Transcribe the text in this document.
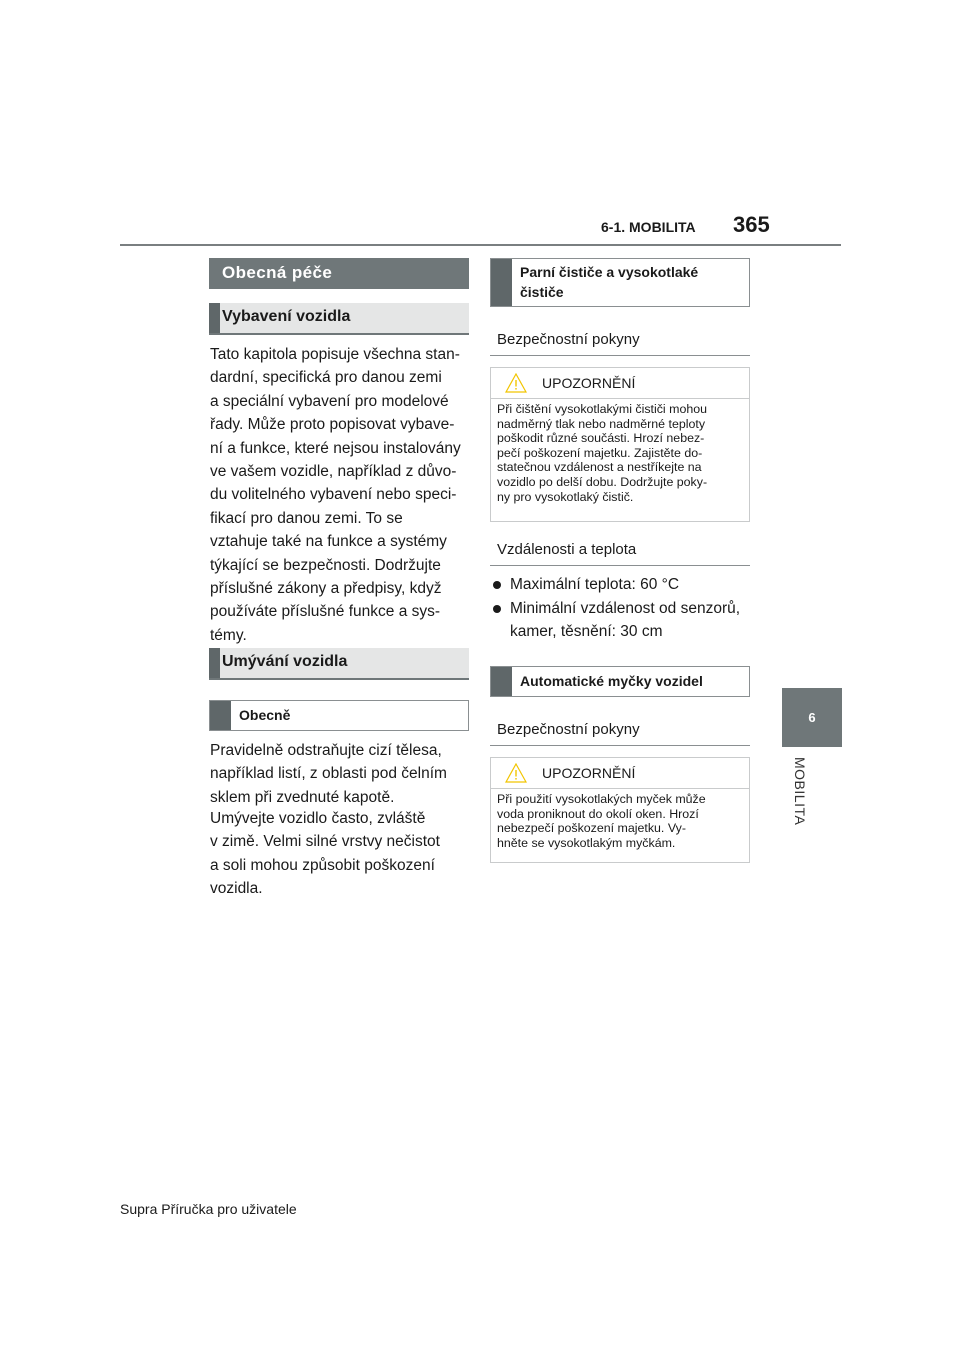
6-1. MOBILITA 365
6
MOBILITA
Obecná péče
Vybavení vozidla

Tato kapitola popisuje všechna stan-

dardní, specifická pro danou zemi

a speciální vybavení pro modelové

řady. Může proto popisovat vybave-

ní a funkce, které nejsou instalovány

ve vašem vozidle, například z důvo-

du volitelného vybavení nebo speci-

fikací pro danou zemi. To se

vztahuje také na funkce a systémy

týkající se bezpečnosti. Dodržujte

příslušné zákony a předpisy, když

používáte příslušné funkce a sys-

témy.

Umývání vozidla
Obecně

Pravidelně odstraňujte cizí tělesa,

například listí, z oblasti pod čelním

sklem při zvednuté kapotě.

Umývejte vozidlo často, zvláště

v zimě. Velmi silné vrstvy nečistot

a soli mohou způsobit poškození

vozidla.

Parní čističe a vysokotlaké
čističe
Bezpečnostní pokyny
UPOZORNĚNÍ
Při čištění vysokotlakými čističi mohou
nadměrný tlak nebo nadměrné teploty
poškodit různé součásti. Hrozí nebez-
pečí poškození majetku. Zajistěte do-
statečnou vzdálenost a nestříkejte na
vozidlo po delší dobu. Dodržujte poky-
ny pro vysokotlaký čistič.
Vzdálenosti a teplota
Maximální teplota: 60 °C
Minimální vzdálenost od senzorů,
kamer, těsnění: 30 cm
Automatické myčky vozidel
Bezpečnostní pokyny
UPOZORNĚNÍ
Při použití vysokotlakých myček může
voda proniknout do okolí oken. Hrozí
nebezpečí poškození majetku. Vy-
hněte se vysokotlakým myčkám.
Supra Příručka pro uživatele
